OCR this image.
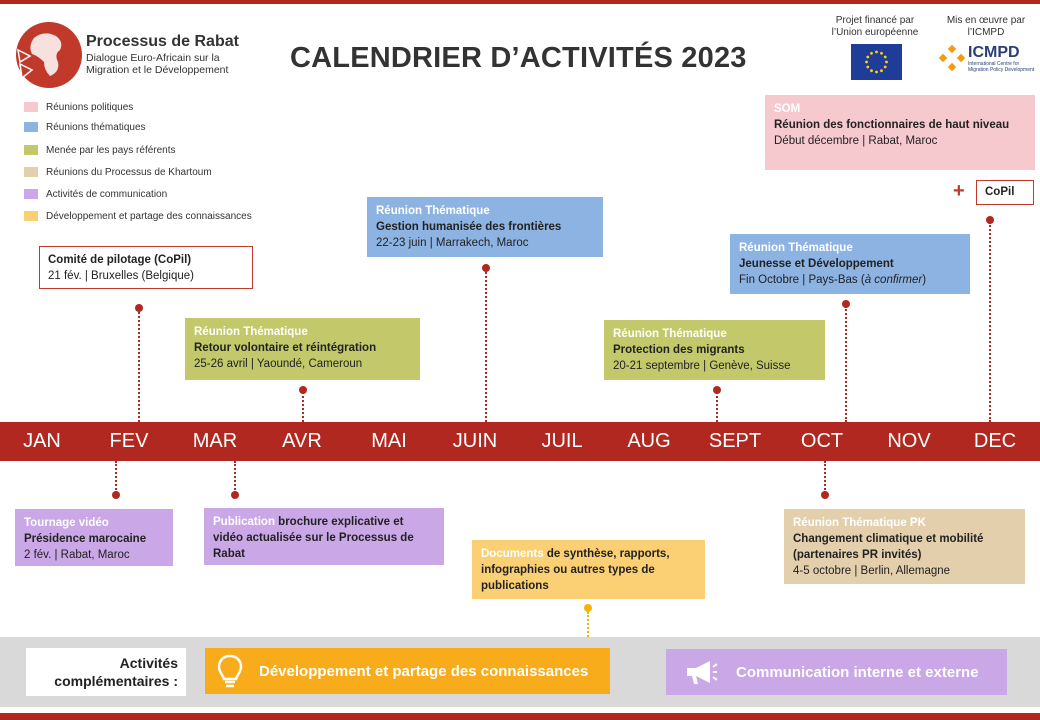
Processus de Rabat
Dialogue Euro-Africain sur la Migration et le Développement	CALENDRIER D’ACTIVITÉS 2023
Projet financé par l’Union européenne
Mis en œuvre par l’ICMPD
ICMPD
International Centre for Migration Policy Development
Réunions politiques
Réunions thématiques
Menée par les pays référents
Réunions du Processus de Khartoum
Activités de communication
Développement et partage des connaissances
Comité de pilotage (CoPil)
21 fév. | Bruxelles (Belgique)
Réunion Thématique
Retour volontaire et réintégration
25-26 avril | Yaoundé, Cameroun
Réunion Thématique
Gestion humanisée des frontières
22-23 juin | Marrakech, Maroc
Réunion Thématique
Protection des migrants
20-21 septembre | Genève, Suisse
Réunion Thématique
Jeunesse et Développement
Fin Octobre | Pays-Bas (à confirmer)
SOM
Réunion des fonctionnaires de haut niveau
Début décembre | Rabat, Maroc
+	CoPil
JAN	FEV	MAR	AVR	MAI	JUIN	JUIL	AUG	SEPT	OCT	NOV	DEC
Tournage vidéo
Présidence marocaine
2 fév. | Rabat, Maroc
Publication brochure explicative et vidéo actualisée sur le Processus de Rabat	Documents de synthèse, rapports, infographies ou autres types de publications
Réunion Thématique PK
Changement climatique et mobilité (partenaires PR invités)
4-5 octobre | Berlin, Allemagne
Activités complémentaires :
Développement et partage des connaissances	Communication interne et externe
